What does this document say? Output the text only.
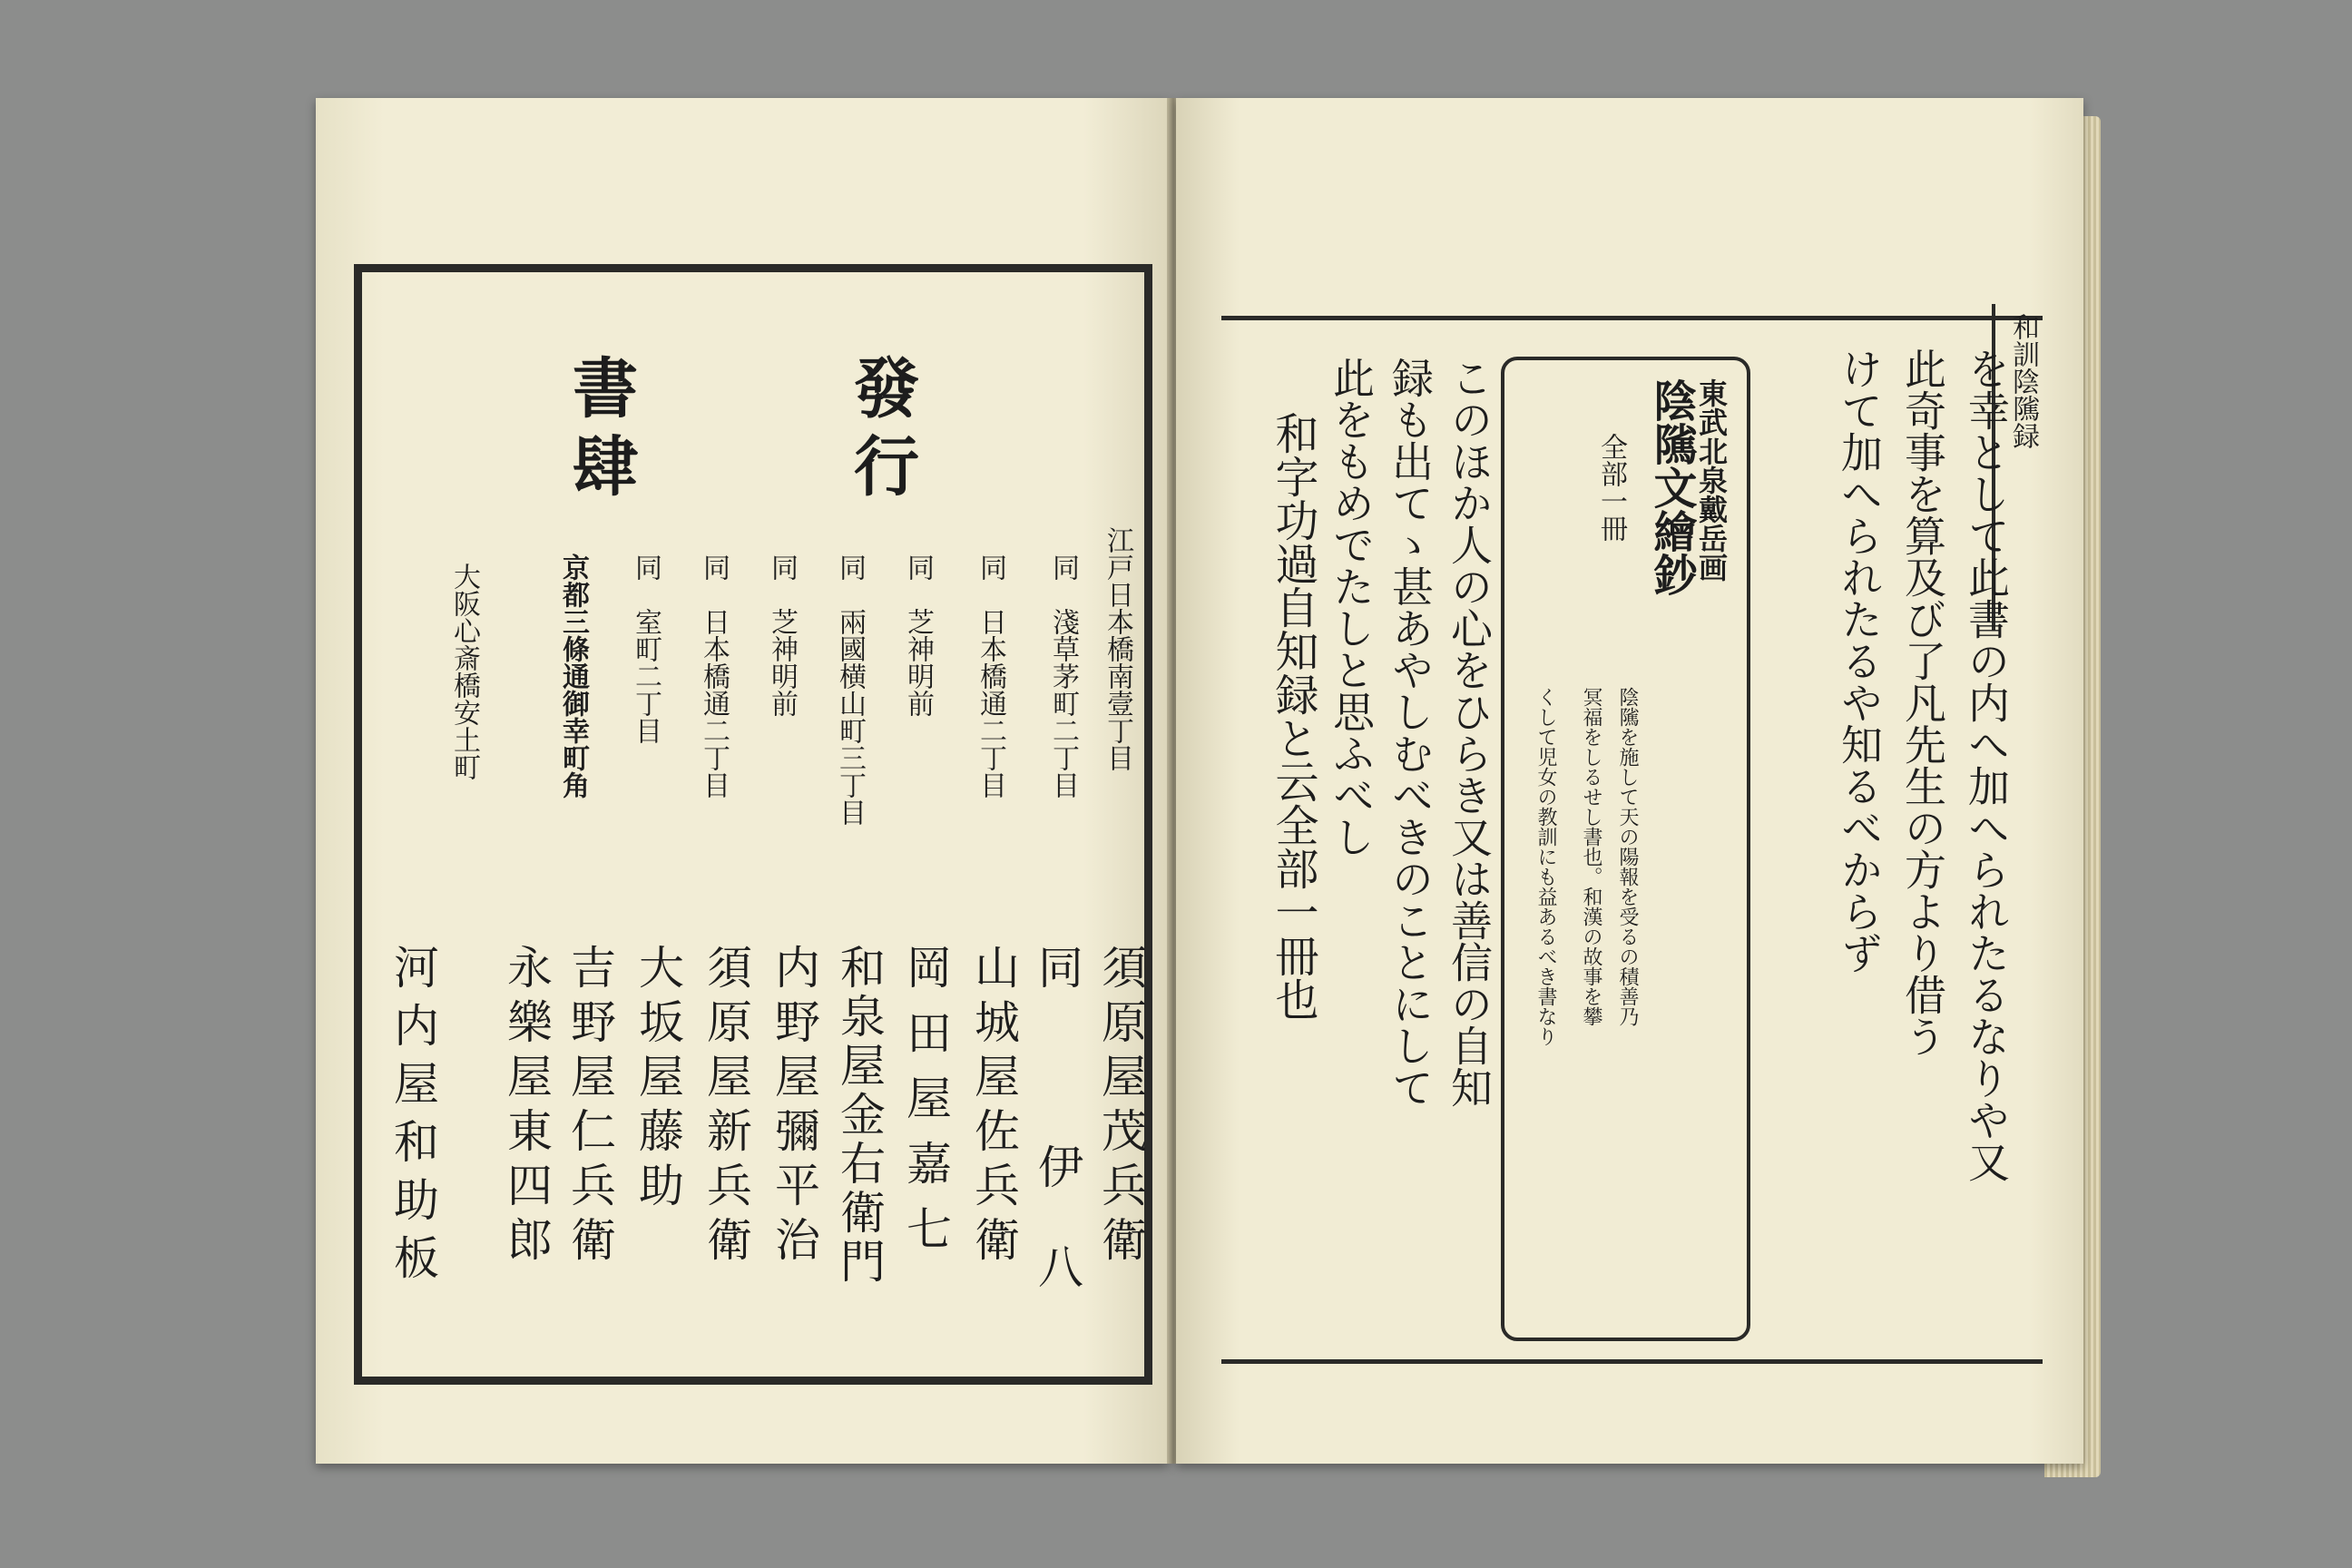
發行
書肆
江戸日本橋南壹丁目
同　淺草茅町二丁目
同　日本橋通二丁目
同　芝神明前
同　兩國横山町三丁目
同　芝神明前
同　日本橋通二丁目
同　室町二丁目
京都三條通御幸町角
大阪心斎橋安土町
須原屋茂兵衛
同　伊八
山城屋佐兵衛
岡田屋嘉七
和泉屋金右衛門
内野屋彌平治
須原屋新兵衛
大坂屋藤助
吉野屋仁兵衛
永樂屋東四郎
河内屋和助板
和訓陰隲録
を幸として此書の内へ加へられたるなりや又
此奇事を算及び了凡先生の方より借う
けて加へられたるや知るべからず
東武北泉戴岳画
陰隲文繪鈔
全部一冊
陰隲を施して天の陽報を受るの積善乃
冥福をしるせし書也。和漢の故事を攀
くして児女の教訓にも益あるべき書なり
このほか人の心をひらき又は善信の自知
録も出てゝ甚あやしむべきのことにして
此をもめでたしと思ふべし
和字功過自知録と云全部一冊也
